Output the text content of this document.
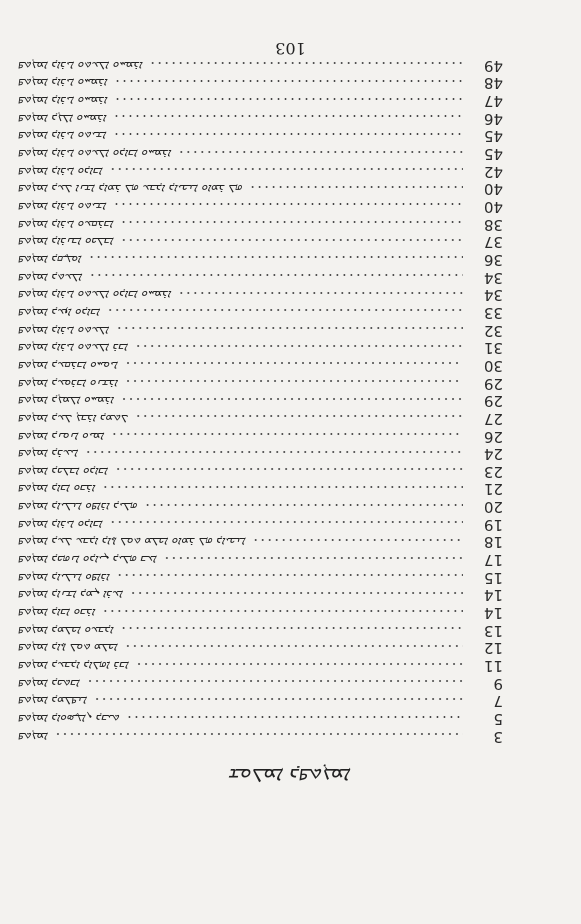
ܫܘܠܡܐ ܕܦܬܓܡܐ
3
ܦܬܓܡܐ
5
ܦܬܓܡܐ ܕܐܘܣܛܐܢ ܕܒܝܬ
7
ܦܬܓܡܐ ܕܡܠܦܢܐ
9
ܦܬܓܡܐ ܕܟܬܒܐ
11
ܦܬܓܡܐ ܕܥܒܕܐ ܕܐܠܗܐ ܪܒܐ
12
ܦܬܓܡܐ ܕܐܬܐ ܠܘܬ ܡܠܟܐ
13
ܦܬܓܡܐ ܕܡܠܟܐ ܘܥܒܕܐ
14
ܦܬܓܡܐ ܕܐܒܐ ܘܒܪܐ
14
ܦܬܓܡܐ ܕܐܢܫܐ ܕܡܢ ܐܪܥܐ
15
ܦܬܓܡܐ ܕܐܝܠܢܐ ܘܦܐܪܐ
17
ܦܬܓܡܐ ܕܟܗܢܐ ܘܕܐܝܢ ܕܝܠܗ ܒܥܐ
18
ܦܬܓܡܐ ܕܥܠ ܥܒܕܐ ܕܐܬܐ ܠܘܬ ܡܠܟܐ ܘܐܡܪ ܠܗ ܕܐܝܟܢܐ
19
ܦܬܓܡܐ ܕܐܪܝܐ ܘܕܐܒܐ
20
ܦܬܓܡܐ ܕܐܝܠܢܐ ܘܦܐܪܐ ܕܝܠܗ
21
ܦܬܓܡܐ ܕܐܒܐ ܘܒܪܐ
23
ܦܬܓܡܐ ܕܟܠܒܐ ܘܕܐܒܐ
24
ܦܬܓܡܐ ܕܪܥܝܐ
26
ܦܬܓܡܐ ܕܢܘܢܐ ܘܝܡܐ
27
ܦܬܓܡܐ ܕܥܠ ܓܒܪܐ ܕܡܬܠ
29
ܦܬܓܡܐ ܕܓܡܠܐ ܘܚܡܪܐ
29
ܦܬܓܡܐ ܕܥܘܪܒܐ ܘܢܫܪܐ
30
ܦܬܓܡܐ ܕܥܩܪܒܐ ܘܚܘܝܐ
31
ܦܬܓܡܐ ܕܐܪܝܐ ܘܬܥܠܐ ܪܒܐ
32
ܦܬܓܡܐ ܕܐܪܝܐ ܘܬܥܠܐ
33
ܦܬܓܡܐ ܕܥܙܐ ܘܕܐܒܐ
34
ܦܬܓܡܐ ܕܐܪܝܐ ܘܬܥܠܐ ܘܕܐܒܐ ܘܚܡܪܐ
34
ܦܬܓܡܐ ܕܬܥܠܐ
36
ܦܬܓܡܐ ܕܩܛܘܐ
37
ܦܬܓܡܐ ܕܐܪܢܒܐ ܘܟܠܒܐ
38
ܦܬܓܡܐ ܕܐܪܝܐ ܘܥܩܪܒܐ
40
ܦܬܓܡܐ ܕܐܪܝܐ ܘܬܝܫܐ
40
ܦܬܓܡܐ ܕܥܠ ܐܢܫܐ ܕܐܡܪ ܠܗ ܥܒܕܐ ܕܐܝܟܢܐ ܘܐܡܪ ܠܗ
42
ܦܬܓܡܐ ܕܐܪܝܐ ܘܕܐܒܐ
45
ܦܬܓܡܐ ܕܐܪܝܐ ܘܬܥܠܐ ܘܕܐܒܐ ܘܚܡܪܐ
45
ܦܬܓܡܐ ܕܐܪܝܐ ܘܬܝܫܐ
46
ܦܬܓܡܐ ܕܓܠܐ ܘܚܡܪܐ
47
ܦܬܓܡܐ ܕܐܪܝܐ ܘܚܡܪܐ
48
ܦܬܓܡܐ ܕܐܪܝܐ ܘܚܡܪܐ
49
ܦܬܓܡܐ ܕܐܪܝܐ ܘܬܥܠܐ ܘܚܡܪܐ
103
